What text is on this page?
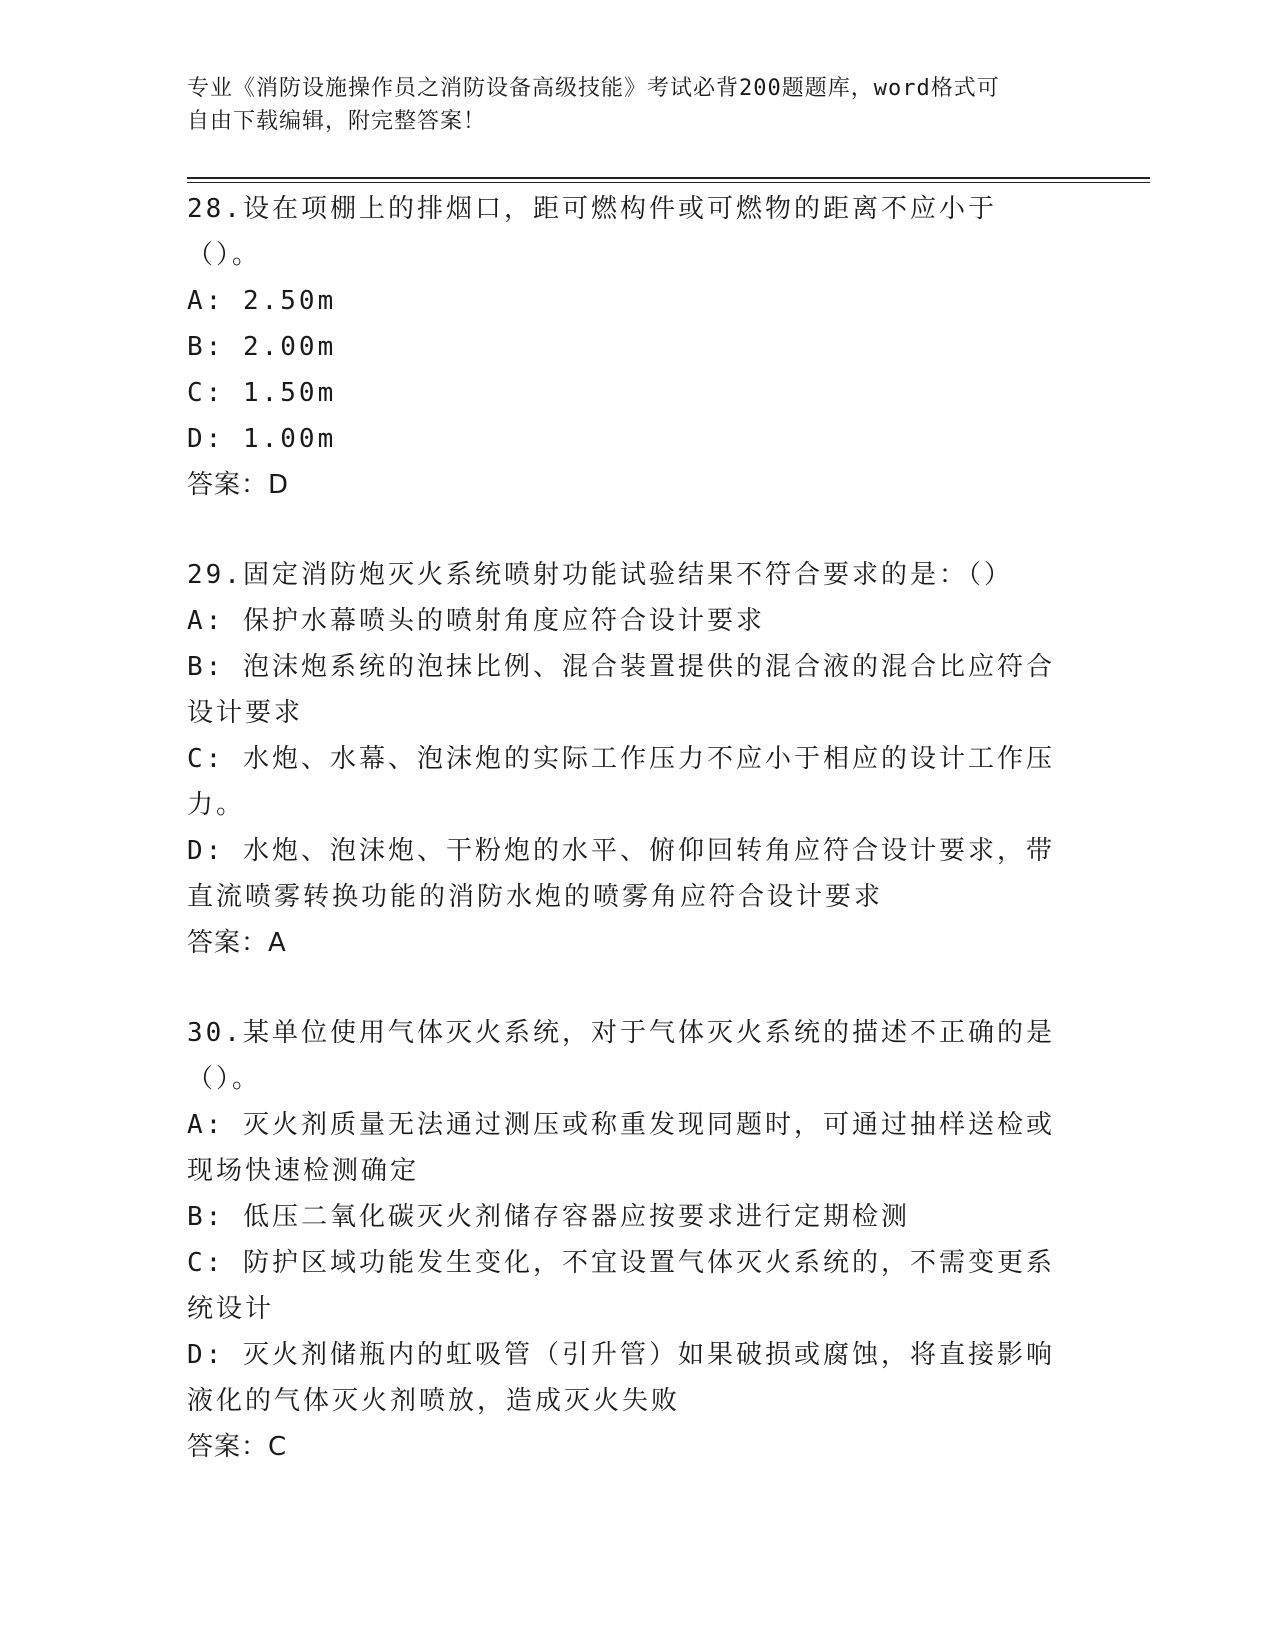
专业《消防设施操作员之消防设备高级技能》考试必背200题题库，word格式可
自由下载编辑，附完整答案！
28.设在项棚上的排烟口，距可燃构件或可燃物的距离不应小于（）。
A: 2.50m
B: 2.00m
C: 1.50m
D: 1.00m
答案：D
29.固定消防炮灭火系统喷射功能试验结果不符合要求的是：（）
A: 保护水幕喷头的喷射角度应符合设计要求
B: 泡沫炮系统的泡抹比例、混合装置提供的混合液的混合比应符合设计要求
C: 水炮、水幕、泡沫炮的实际工作压力不应小于相应的设计工作压力。
D: 水炮、泡沫炮、干粉炮的水平、俯仰回转角应符合设计要求，带直流喷雾转换功能的消防水炮的喷雾角应符合设计要求
答案：A
30.某单位使用气体灭火系统，对于气体灭火系统的描述不正确的是（）。
A: 灭火剂质量无法通过测压或称重发现同题时，可通过抽样送检或现场快速检测确定
B: 低压二氧化碳灭火剂储存容器应按要求进行定期检测
C: 防护区域功能发生变化，不宜设置气体灭火系统的，不需变更系统设计
D: 灭火剂储瓶内的虹吸管（引升管）如果破损或腐蚀，将直接影响液化的气体灭火剂喷放，造成灭火失败
答案：C
